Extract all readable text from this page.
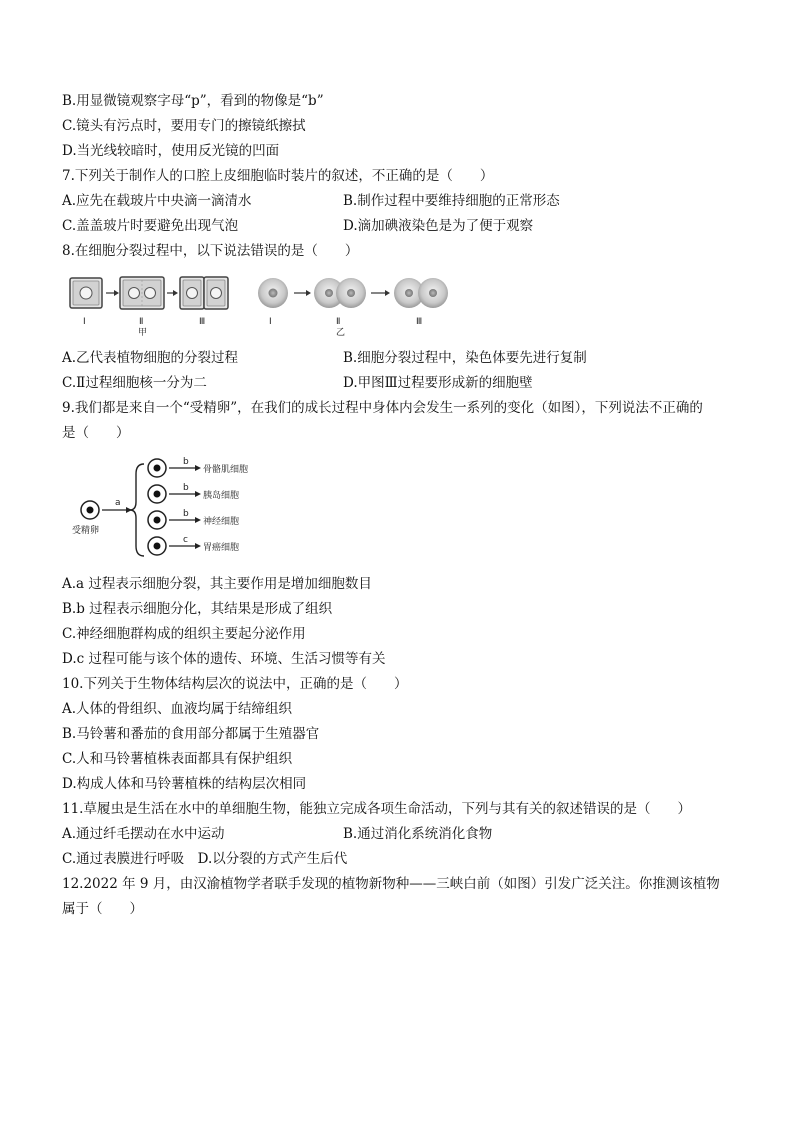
B.用显微镜观察字母“p”，看到的物像是“b”
C.镜头有污点时，要用专门的擦镜纸擦拭
D.当光线较暗时，使用反光镜的凹面
7.下列关于制作人的口腔上皮细胞临时装片的叙述，不正确的是（　　）
A.应先在载玻片中央滴一滴清水	B.制作过程中要维持细胞的正常形态
C.盖盖玻片时要避免出现气泡	D.滴加碘液染色是为了便于观察
8.在细胞分裂过程中，以下说法错误的是（　　）
Ⅰ	Ⅱ	Ⅲ
甲
Ⅰ	Ⅱ	Ⅲ
乙
A.乙代表植物细胞的分裂过程	B.细胞分裂过程中，染色体要先进行复制
C.Ⅱ过程细胞核一分为二	D.甲图Ⅲ过程要形成新的细胞壁
9.我们都是来自一个“受精卵”，在我们的成长过程中身体内会发生一系列的变化（如图），下列说法不正确的
是（　　）
受精卵
a
b
骨骼肌细胞
b
胰岛细胞
b
神经细胞
c
胃癌细胞
A.a 过程表示细胞分裂，其主要作用是增加细胞数目
B.b 过程表示细胞分化，其结果是形成了组织
C.神经细胞群构成的组织主要起分泌作用
D.c 过程可能与该个体的遗传、环境、生活习惯等有关
10.下列关于生物体结构层次的说法中，正确的是（　　）
A.人体的骨组织、血液均属于结缔组织
B.马铃薯和番茄的食用部分都属于生殖器官
C.人和马铃薯植株表面都具有保护组织
D.构成人体和马铃薯植株的结构层次相同
11.草履虫是生活在水中的单细胞生物，能独立完成各项生命活动，下列与其有关的叙述错误的是（　　）
A.通过纤毛摆动在水中运动	B.通过消化系统消化食物
C.通过表膜进行呼吸　D.以分裂的方式产生后代
12.2022 年 9 月，由汉渝植物学者联手发现的植物新物种——三峡白前（如图）引发广泛关注。你推测该植物
属于（　　）
